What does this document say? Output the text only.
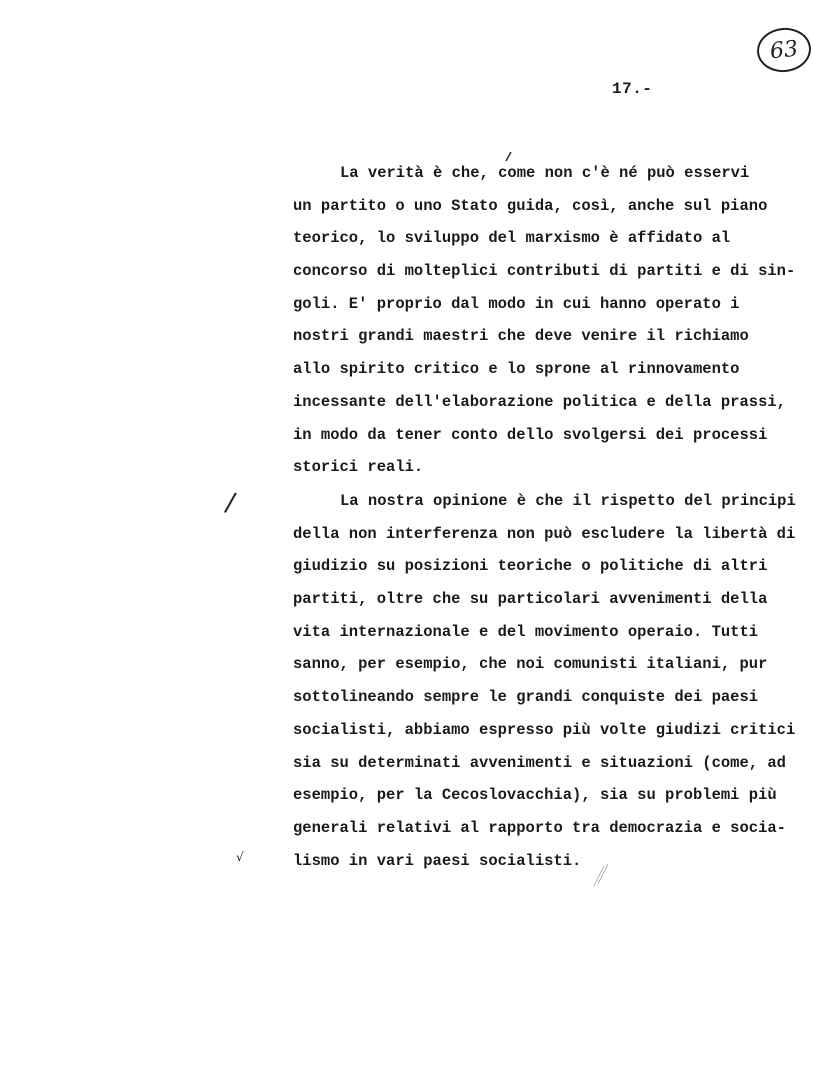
63
17.-
La verità è che, come non c'è né può esservi
un partito o uno Stato guida, così, anche sul piano
teorico, lo sviluppo del marxismo è affidato al
concorso di molteplici contributi di partiti e di sin-
goli. E' proprio dal modo in cui hanno operato i
nostri grandi maestri che deve venire il richiamo
allo spirito critico e lo sprone al rinnovamento
incessante dell'elaborazione politica e della prassi,
in modo da tener conto dello svolgersi dei processi
storici reali.
/	La nostra opinione è che il rispetto del principi
della non interferenza non può escludere la libertà di
giudizio su posizioni teoriche o politiche di altri
partiti, oltre che su particolari avvenimenti della
vita internazionale e del movimento operaio. Tutti
sanno, per esempio, che noi comunisti italiani, pur
sottolineando sempre le grandi conquiste dei paesi
socialisti, abbiamo espresso più volte giudizi critici
sia su determinati avvenimenti e situazioni (come, ad
esempio, per la Cecoslovacchia), sia su problemi più
generali relativi al rapporto tra democrazia e socia-
lismo in vari paesi socialisti.
√
